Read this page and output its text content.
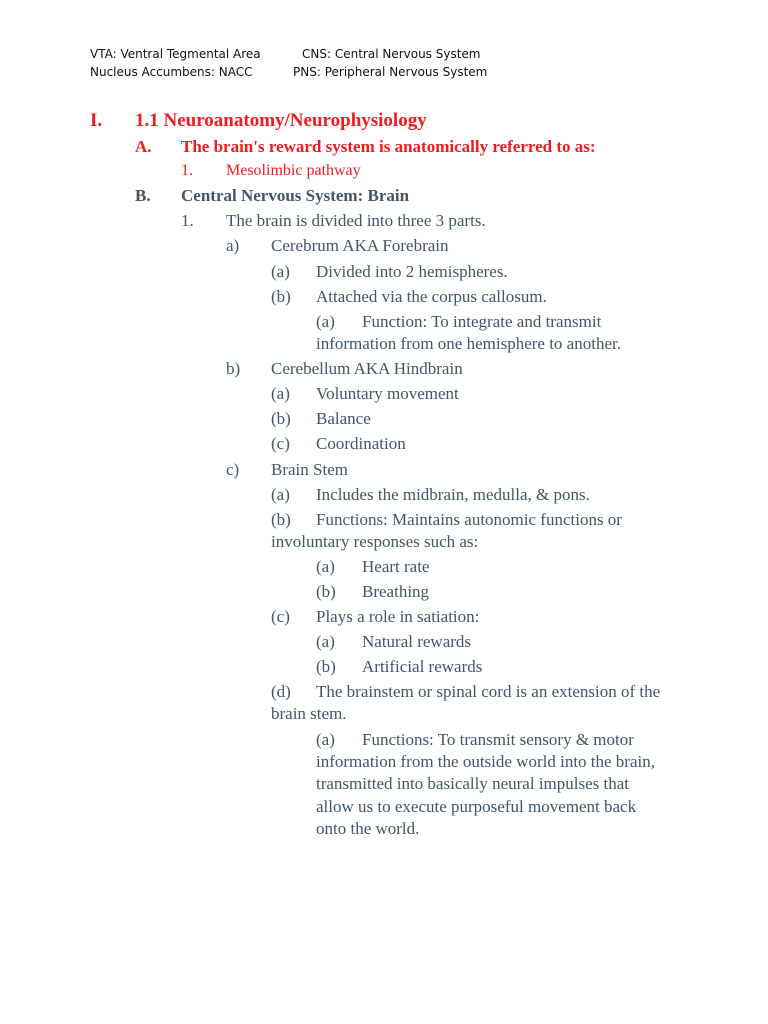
VTA: Ventral Tegmental Area	CNS: Central Nervous System
Nucleus Accumbens: NACC	PNS: Peripheral Nervous System
I. 1.1 Neuroanatomy/Neurophysiology
A. The brain's reward system is anatomically referred to as:
1. Mesolimbic pathway
B. Central Nervous System: Brain
1. The brain is divided into three 3 parts.
a) Cerebrum AKA Forebrain
(a) Divided into 2 hemispheres.
(b) Attached via the corpus callosum.
(a) Function: To integrate and transmit
information from one hemisphere to another.
b) Cerebellum AKA Hindbrain
(a) Voluntary movement
(b) Balance
(c) Coordination
c) Brain Stem
(a) Includes the midbrain, medulla, & pons.
(b) Functions: Maintains autonomic functions or
involuntary responses such as:
(a) Heart rate
(b) Breathing
(c) Plays a role in satiation:
(a) Natural rewards
(b) Artificial rewards
(d) The brainstem or spinal cord is an extension of the
brain stem.
(a) Functions: To transmit sensory & motor
information from the outside world into the brain,
transmitted into basically neural impulses that
allow us to execute purposeful movement back
onto the world.
